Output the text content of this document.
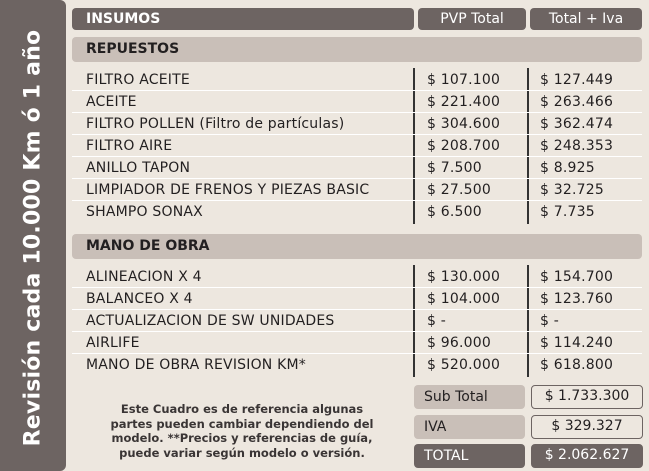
Revisión cada 10.000 Km ó 1 año
INSUMOS	PVP Total	Total + Iva
REPUESTOS
FILTRO ACEITE	$ 107.100	$ 127.449
ACEITE	$ 221.400	$ 263.466
FILTRO POLLEN (Filtro de partículas)	$ 304.600	$ 362.474
FILTRO AIRE	$ 208.700	$ 248.353
ANILLO TAPON	$ 7.500	$ 8.925
LIMPIADOR DE FRENOS Y PIEZAS BASIC	$ 27.500	$ 32.725
SHAMPO SONAX	$ 6.500	$ 7.735
MANO DE OBRA
ALINEACION X 4	$ 130.000	$ 154.700
BALANCEO X 4	$ 104.000	$ 123.760
ACTUALIZACION DE SW UNIDADES	$ -	$ -
AIRLIFE	$ 96.000	$ 114.240
MANO DE OBRA REVISION KM*	$ 520.000	$ 618.800
Este Cuadro es de referencia algunas partes pueden cambiar dependiendo del modelo. **Precios y referencias de guía, puede variar según modelo o versión.
Sub Total	$ 1.733.300
IVA	$ 329.327
TOTAL	$ 2.062.627
